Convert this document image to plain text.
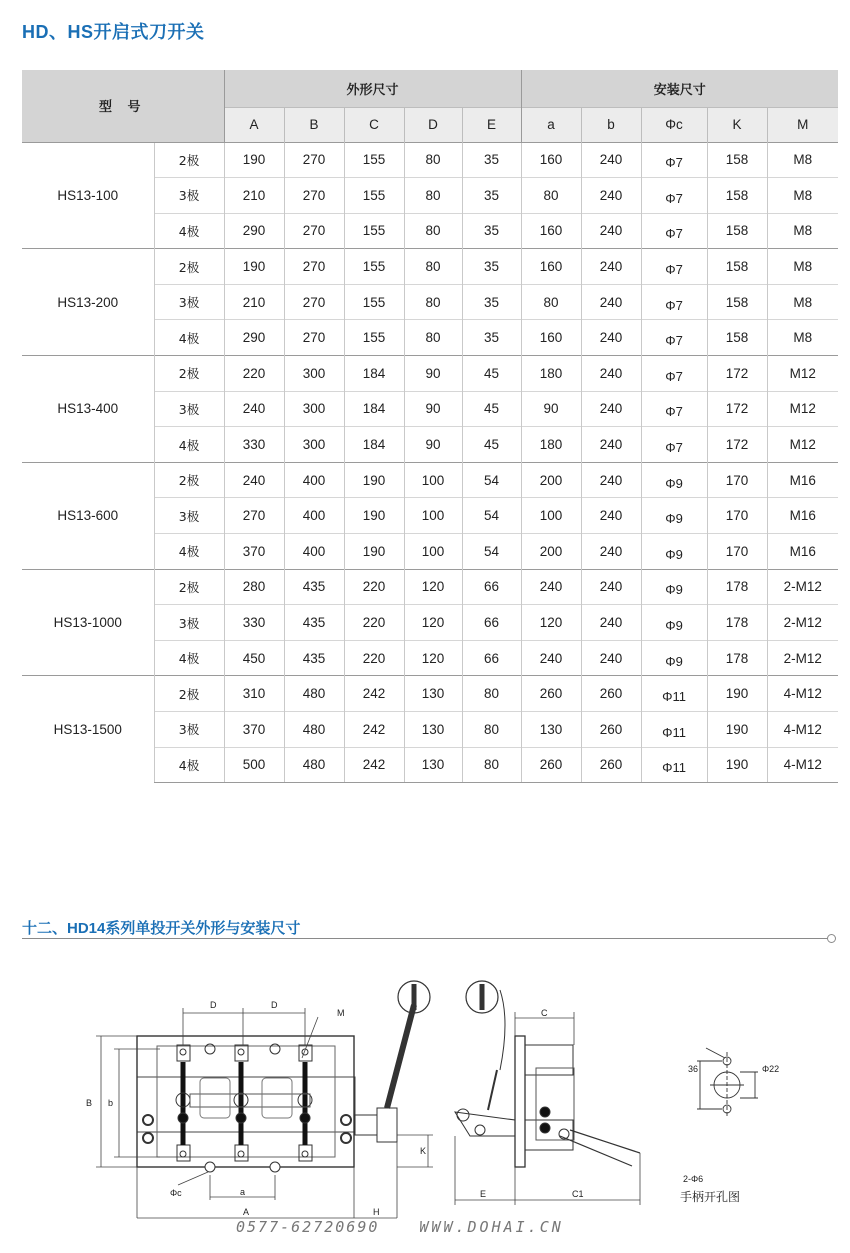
HD、HS开启式刀开关
型 号		外形尺寸					安装尺寸				
		A	B	C	D	E	a	b	Φc	K	M
HS13-100	2极	190	270	155	80	35	160	240	Φ7	158	M8
	3极	210	270	155	80	35	80	240	Φ7	158	M8
	4极	290	270	155	80	35	160	240	Φ7	158	M8
HS13-200	2极	190	270	155	80	35	160	240	Φ7	158	M8
	3极	210	270	155	80	35	80	240	Φ7	158	M8
	4极	290	270	155	80	35	160	240	Φ7	158	M8
HS13-400	2极	220	300	184	90	45	180	240	Φ7	172	M12
	3极	240	300	184	90	45	90	240	Φ7	172	M12
	4极	330	300	184	90	45	180	240	Φ7	172	M12
HS13-600	2极	240	400	190	100	54	200	240	Φ9	170	M16
	3极	270	400	190	100	54	100	240	Φ9	170	M16
	4极	370	400	190	100	54	200	240	Φ9	170	M16
HS13-1000	2极	280	435	220	120	66	240	240	Φ9	178	2-M12
	3极	330	435	220	120	66	120	240	Φ9	178	2-M12
	4极	450	435	220	120	66	240	240	Φ9	178	2-M12
HS13-1500	2极	310	480	242	130	80	260	260	Φ11	190	4-M12
	3极	370	480	242	130	80	130	260	Φ11	190	4-M12
	4极	500	480	242	130	80	260	260	Φ11	190	4-M12
十二、HD14系列单投开关外形与安装尺寸
D	D
M
B b
Φc	a
A	H
K
C
E	C1
2-Φ6
36	Φ22
手柄开孔图
0577-62720690	WWW.DOHAI.CN
